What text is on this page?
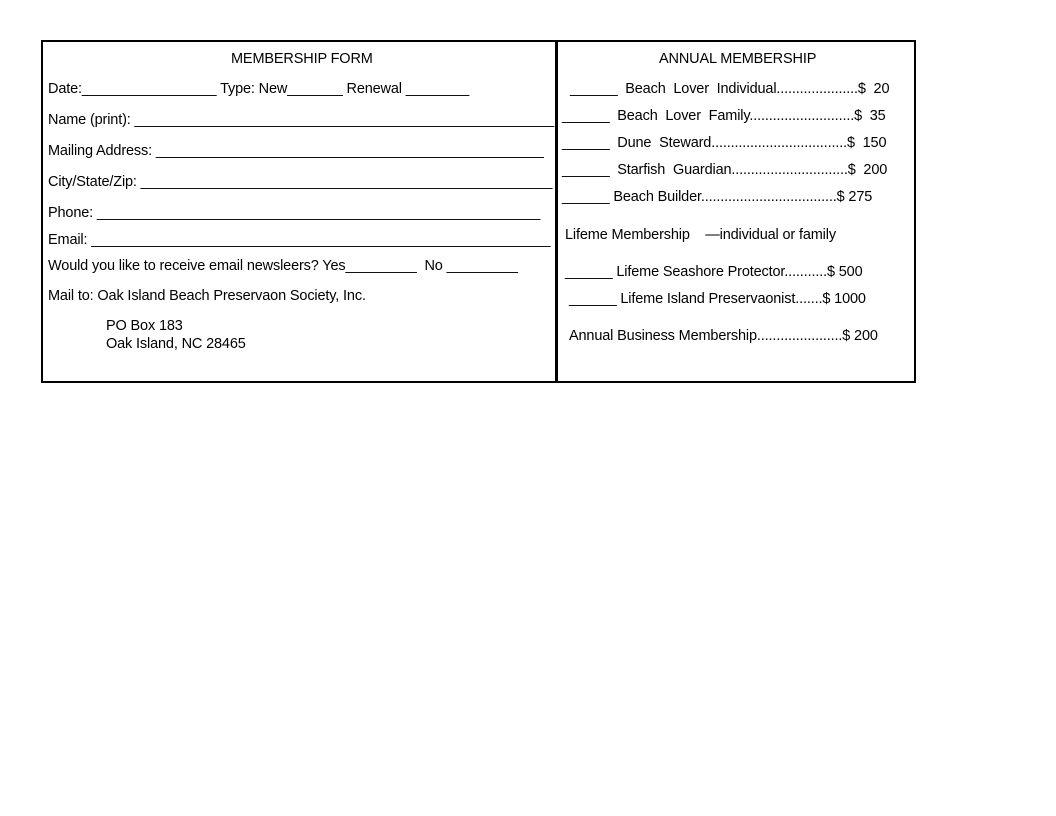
MEMBERSHIP FORM
Date:_________________ Type: New_______ Renewal ________
Name (print): _____________________________________________________
Mailing Address: _________________________________________________
City/State/Zip: ____________________________________________________
Phone: ________________________________________________________
Email: __________________________________________________________
Would you like to receive email newsleers? Yes_________  No _________
Mail to: Oak Island Beach Preservaon Society, Inc.
PO Box 183
Oak Island, NC 28465
ANNUAL MEMBERSHIP
______  Beach  Lover  Individual.....................$  20
______  Beach  Lover  Family...........................$  35
______  Dune  Steward...................................$  150
______  Starfish  Guardian..............................$  200
______ Beach Builder...................................$ 275
Lifeme Membership    —individual or family
______ Lifeme Seashore Protector...........$ 500
______ Lifeme Island Preservaonist.......$ 1000
Annual Business Membership......................$ 200
